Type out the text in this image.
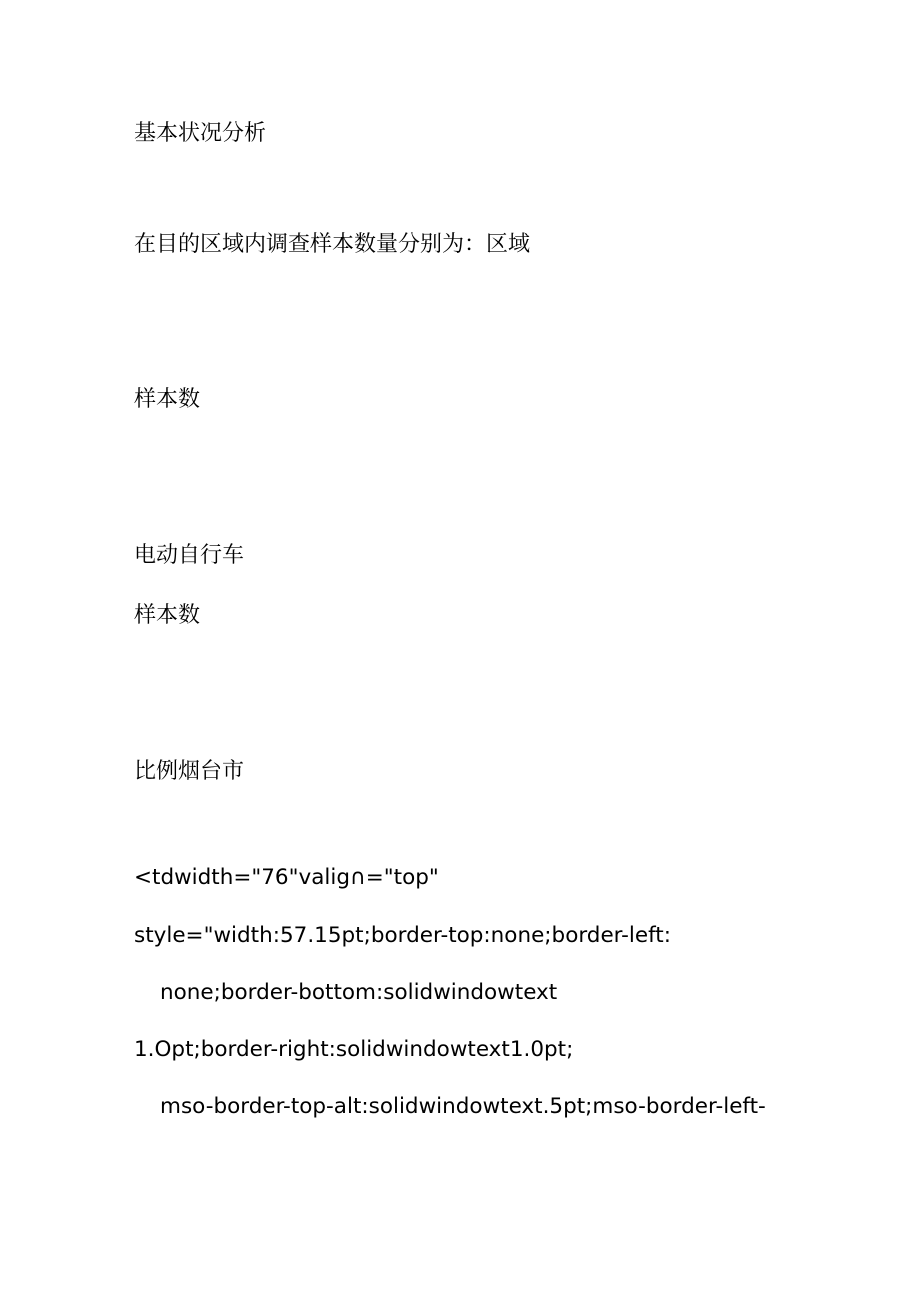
基本状况分析

在目的区域内调查样本数量分别为：区域

样本数

电动自行车

样本数

比例烟台市

<tdwidth="76"valig∩="top"

style="width:57.15pt;border-top:none;border-left:

none;border-bottom:solidwindowtext

1.Opt;border-right:solidwindowtext1.0pt;

mso-border-top-alt:solidwindowtext.5pt;mso-border-left-
